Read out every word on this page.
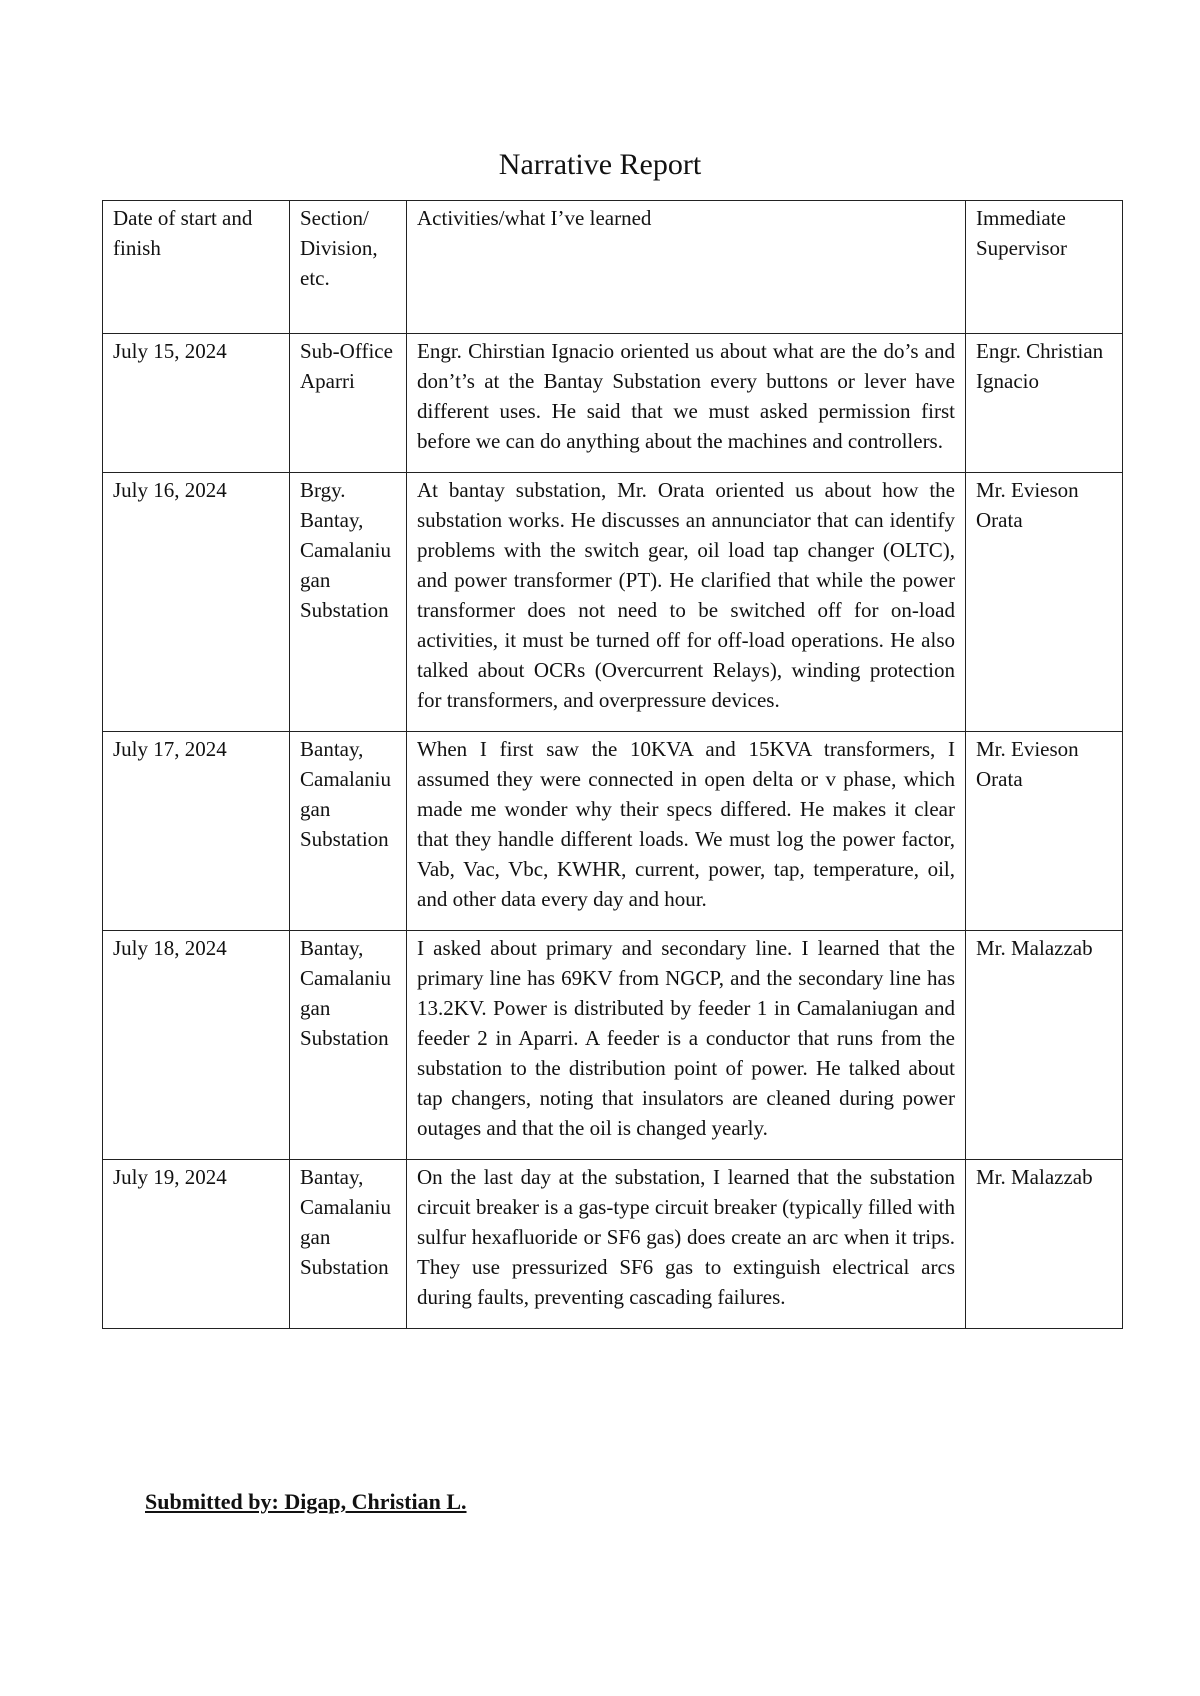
Narrative Report
Date of start and finish	Section/ Division, etc.	Activities/what I’ve learned	Immediate Supervisor
July 15, 2024	Sub-Office Aparri	Engr. Chirstian Ignacio oriented us about what are the do’s and don’t’s at the Bantay Substation every buttons or lever have different uses. He said that we must asked permission first before we can do anything about the machines and controllers.	Engr. Christian Ignacio
July 16, 2024	Brgy. Bantay, Camalaniugan Substation	At bantay substation, Mr. Orata oriented us about how the substation works. He discusses an annunciator that can identify problems with the switch gear, oil load tap changer (OLTC), and power transformer (PT). He clarified that while the power transformer does not need to be switched off for on-load activities, it must be turned off for off-load operations. He also talked about OCRs (Overcurrent Relays), winding protection for transformers, and overpressure devices.	Mr. Evieson Orata
July 17, 2024	Bantay, Camalaniugan Substation	When I first saw the 10KVA and 15KVA transformers, I assumed they were connected in open delta or v phase, which made me wonder why their specs differed. He makes it clear that they handle different loads. We must log the power factor, Vab, Vac, Vbc, KWHR, current, power, tap, temperature, oil, and other data every day and hour.	Mr. Evieson Orata
July 18, 2024	Bantay, Camalaniugan Substation	I asked about primary and secondary line. I learned that the primary line has 69KV from NGCP, and the secondary line has 13.2KV. Power is distributed by feeder 1 in Camalaniugan and feeder 2 in Aparri. A feeder is a conductor that runs from the substation to the distribution point of power. He talked about tap changers, noting that insulators are cleaned during power outages and that the oil is changed yearly.	Mr. Malazzab
July 19, 2024	Bantay, Camalaniugan Substation	On the last day at the substation, I learned that the substation circuit breaker is a gas-type circuit breaker (typically filled with sulfur hexafluoride or SF6 gas) does create an arc when it trips. They use pressurized SF6 gas to extinguish electrical arcs during faults, preventing cascading failures.	Mr. Malazzab
Submitted by: Digap, Christian L.
